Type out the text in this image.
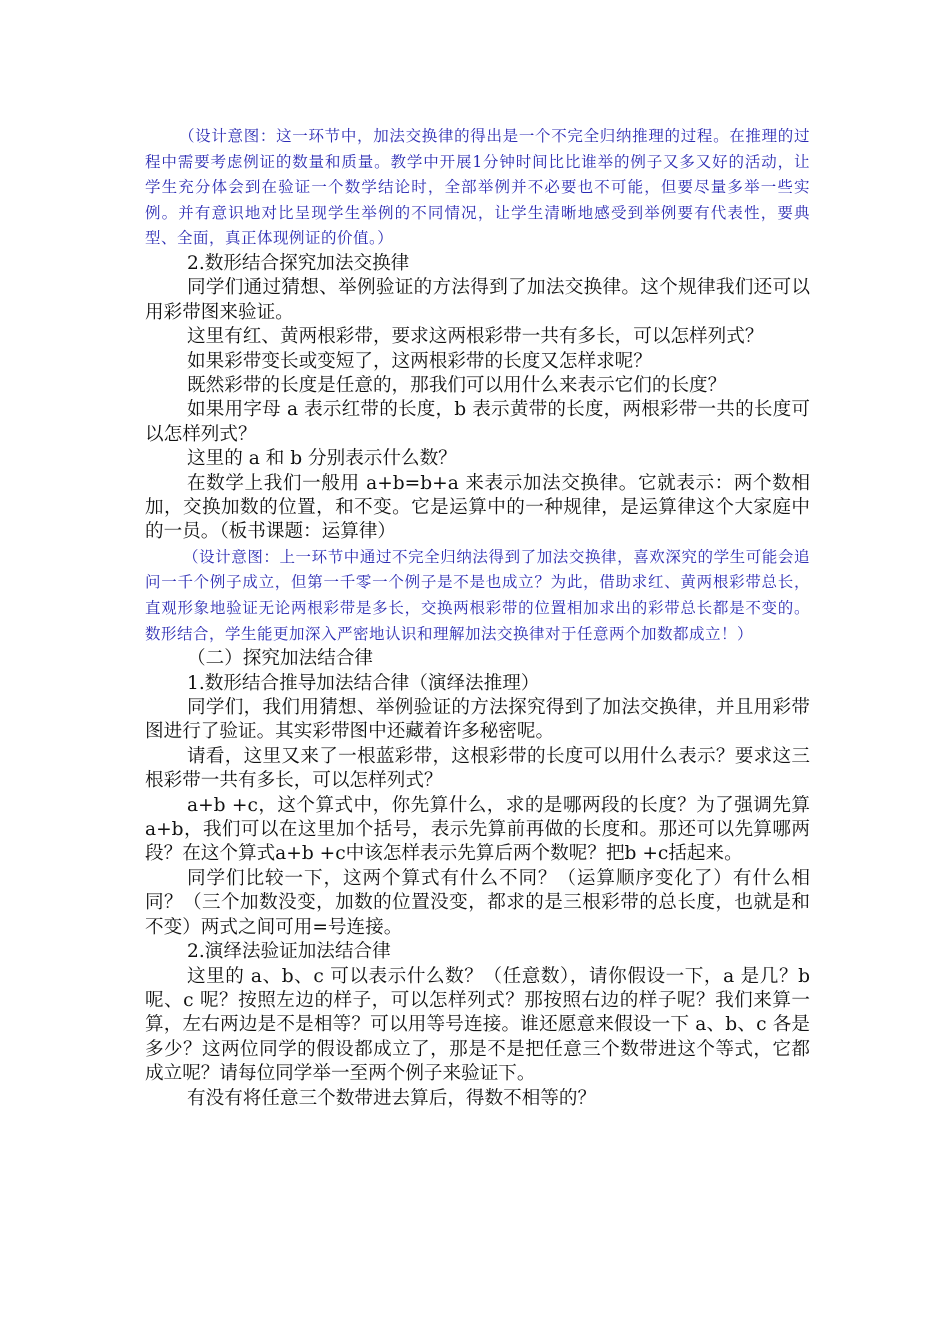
（设计意图：这一环节中，加法交换律的得出是一个不完全归纳推理的过程。在推理的过程中需要考虑例证的数量和质量。教学中开展1分钟时间比比谁举的例子又多又好的活动，让学生充分体会到在验证一个数学结论时，全部举例并不必要也不可能，但要尽量多举一些实例。并有意识地对比呈现学生举例的不同情况，让学生清晰地感受到举例要有代表性，要典型、全面，真正体现例证的价值。）

2.数形结合探究加法交换律

同学们通过猜想、举例验证的方法得到了加法交换律。这个规律我们还可以用彩带图来验证。

这里有红、黄两根彩带，要求这两根彩带一共有多长，可以怎样列式？

如果彩带变长或变短了，这两根彩带的长度又怎样求呢？

既然彩带的长度是任意的，那我们可以用什么来表示它们的长度？

如果用字母 a 表示红带的长度，b 表示黄带的长度，两根彩带一共的长度可以怎样列式？

这里的 a 和 b 分别表示什么数？

在数学上我们一般用 a+b=b+a 来表示加法交换律。它就表示：两个数相加，交换加数的位置，和不变。它是运算中的一种规律，是运算律这个大家庭中的一员。（板书课题：运算律）

（设计意图：上一环节中通过不完全归纳法得到了加法交换律，喜欢深究的学生可能会追问一千个例子成立，但第一千零一个例子是不是也成立？为此，借助求红、黄两根彩带总长，直观形象地验证无论两根彩带是多长，交换两根彩带的位置相加求出的彩带总长都是不变的。数形结合，学生能更加深入严密地认识和理解加法交换律对于任意两个加数都成立！）

（二）探究加法结合律

1.数形结合推导加法结合律（演绎法推理）

同学们，我们用猜想、举例验证的方法探究得到了加法交换律，并且用彩带图进行了验证。其实彩带图中还藏着许多秘密呢。

请看，这里又来了一根蓝彩带，这根彩带的长度可以用什么表示？要求这三根彩带一共有多长，可以怎样列式？

a+b +c，这个算式中，你先算什么，求的是哪两段的长度？为了强调先算a+b，我们可以在这里加个括号，表示先算前再做的长度和。那还可以先算哪两段？在这个算式a+b +c中该怎样表示先算后两个数呢？把b +c括起来。

同学们比较一下，这两个算式有什么不同？（运算顺序变化了）有什么相同？（三个加数没变，加数的位置没变，都求的是三根彩带的总长度，也就是和不变）两式之间可用=号连接。

2.演绎法验证加法结合律

这里的 a、b、c 可以表示什么数？（任意数），请你假设一下，a 是几？b 呢、c 呢？按照左边的样子，可以怎样列式？那按照右边的样子呢？我们来算一算，左右两边是不是相等？可以用等号连接。谁还愿意来假设一下 a、b、c 各是多少？这两位同学的假设都成立了，那是不是把任意三个数带进这个等式，它都成立呢？请每位同学举一至两个例子来验证下。

有没有将任意三个数带进去算后，得数不相等的？
